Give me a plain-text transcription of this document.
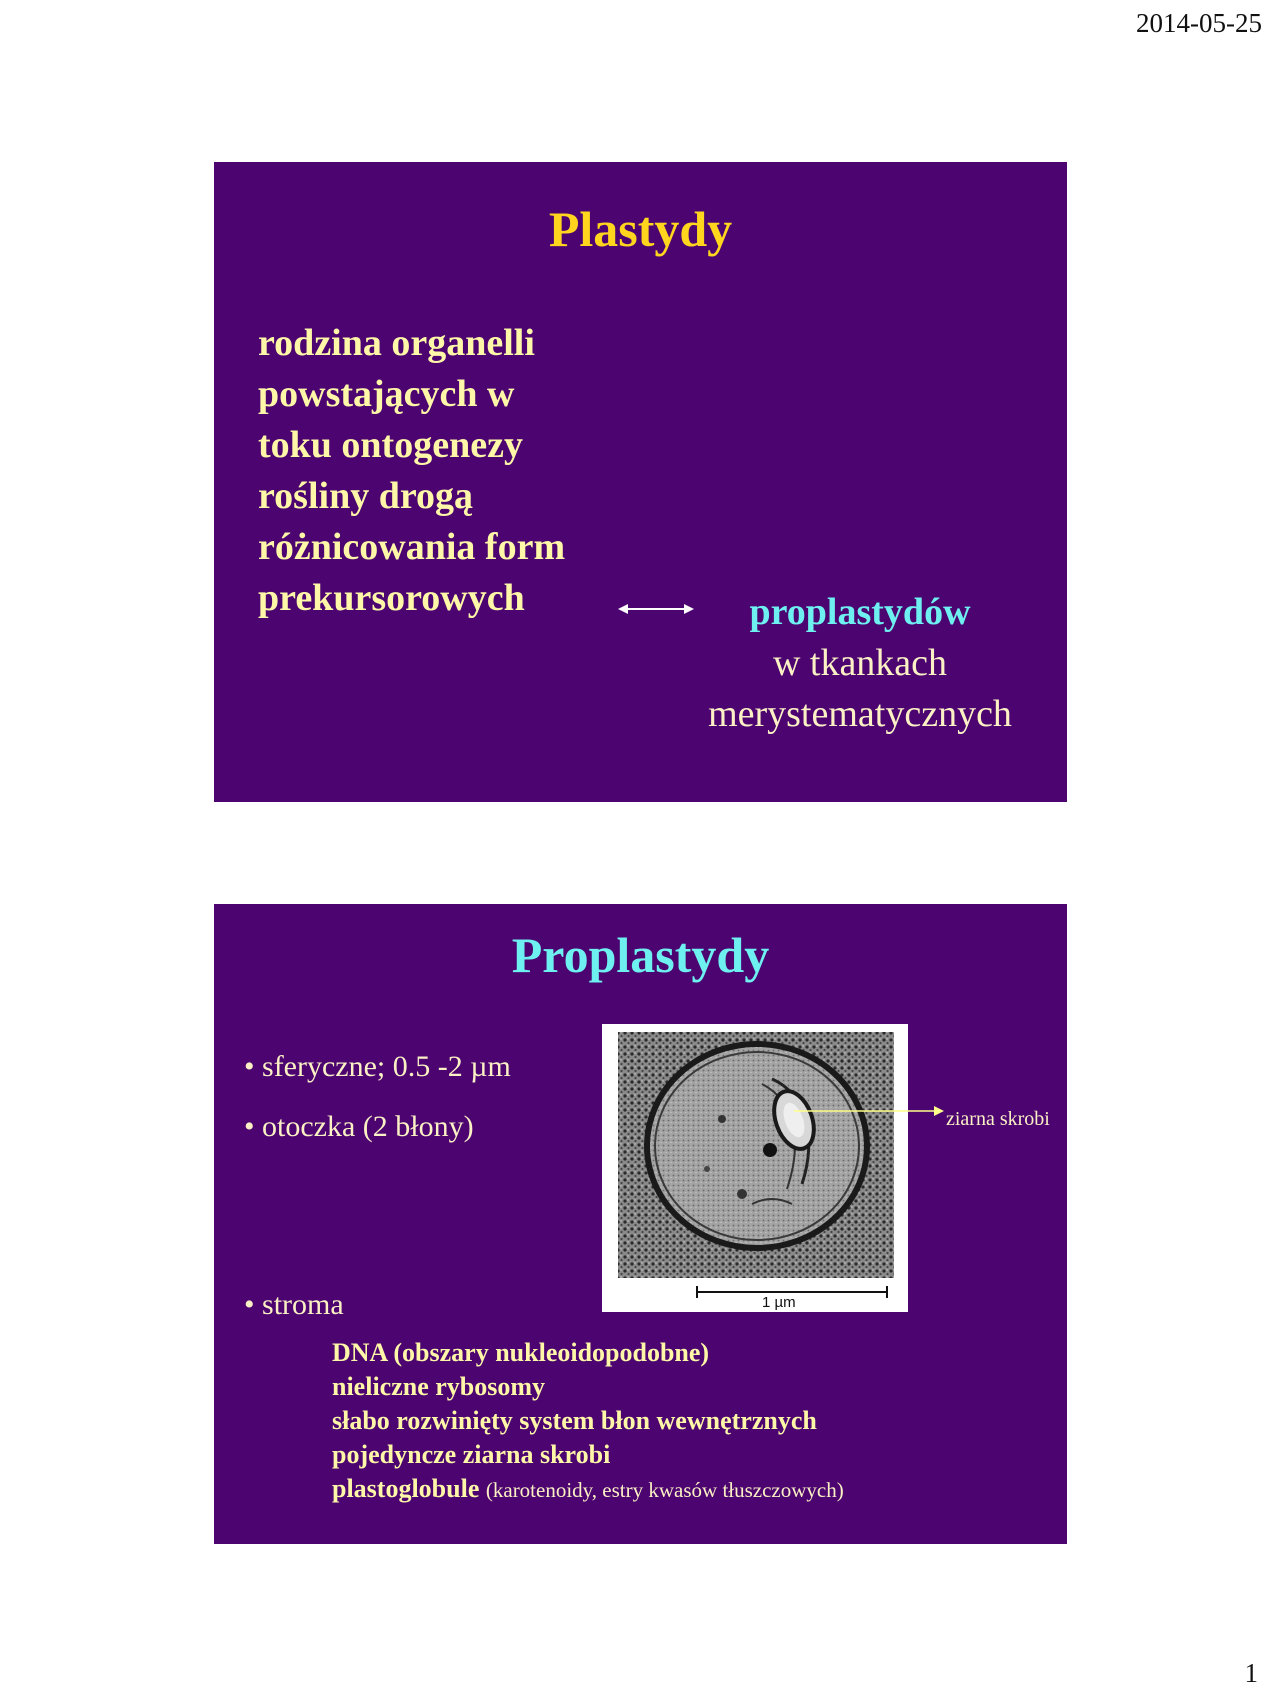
2014-05-25
Plastydy
rodzina organelli
powstających w
toku ontogenezy
rośliny drogą
różnicowania form
prekursorowych	proplastydów
w tkankach
merystematycznych
Proplastydy
• sferyczne; 0.5 -2 µm
• otoczka (2 błony)
1 µm
ziarna skrobi
• stroma
DNA (obszary nukleoidopodobne)
nieliczne rybosomy
słabo rozwinięty system błon wewnętrznych
pojedyncze ziarna skrobi
plastoglobule (karotenoidy, estry kwasów tłuszczowych)
1
